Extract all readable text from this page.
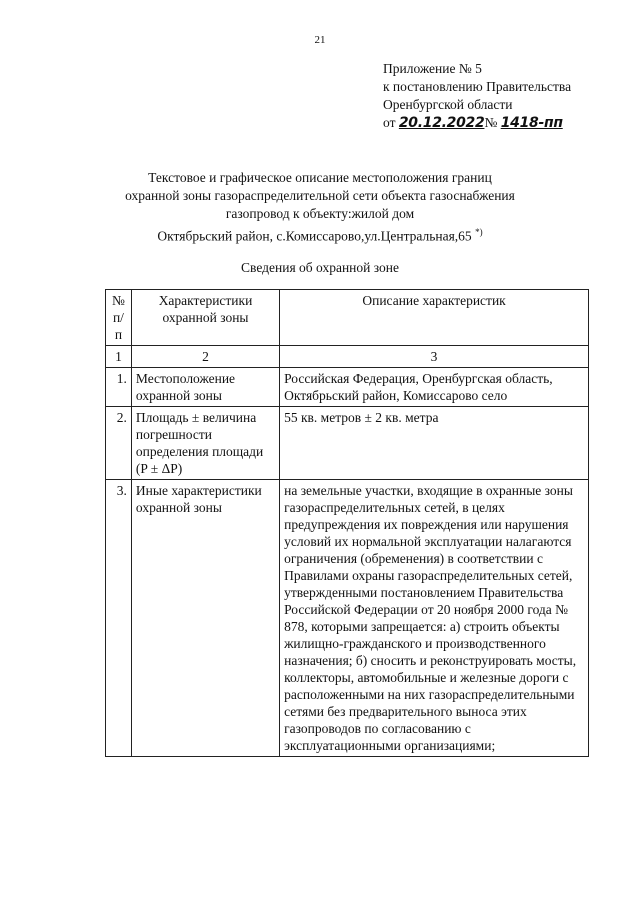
21
Приложение № 5
к постановлению Правительства
Оренбургской области
от 20.12.2022№ 1418-пп
Текстовое и графическое описание местоположения границ
охранной зоны газораспределительной сети объекта газоснабжения
газопровод к объекту:жилой дом
Октябрьский район, с.Комиссарово,ул.Центральная,65 *)
Сведения об охранной зоне
№ п/п	Характеристики охранной зоны	Описание характеристик
1	2	3
1.	Местоположение охранной зоны	Российская Федерация, Оренбургская область, Октябрьский район, Комиссарово село
2.	Площадь ± величина погрешности определения площади (P ± ΔP)	55 кв. метров ± 2 кв. метра
3.	Иные характеристики охранной зоны	на земельные участки, входящие в охранные зоны газораспределительных сетей, в целях предупреждения их повреждения или нарушения условий их нормальной эксплуатации налагаются ограничения (обременения) в соответствии с Правилами охраны газораспределительных сетей, утвержденными постановлением Правительства Российской Федерации от 20 ноября 2000 года № 878, которыми запрещается: а) строить объекты жилищно-гражданского и производственного назначения; б) сносить и реконструировать мосты, коллекторы, автомобильные и железные дороги с расположенными на них газораспределительными сетями без предварительного выноса этих газопроводов по согласованию с эксплуатационными организациями;
